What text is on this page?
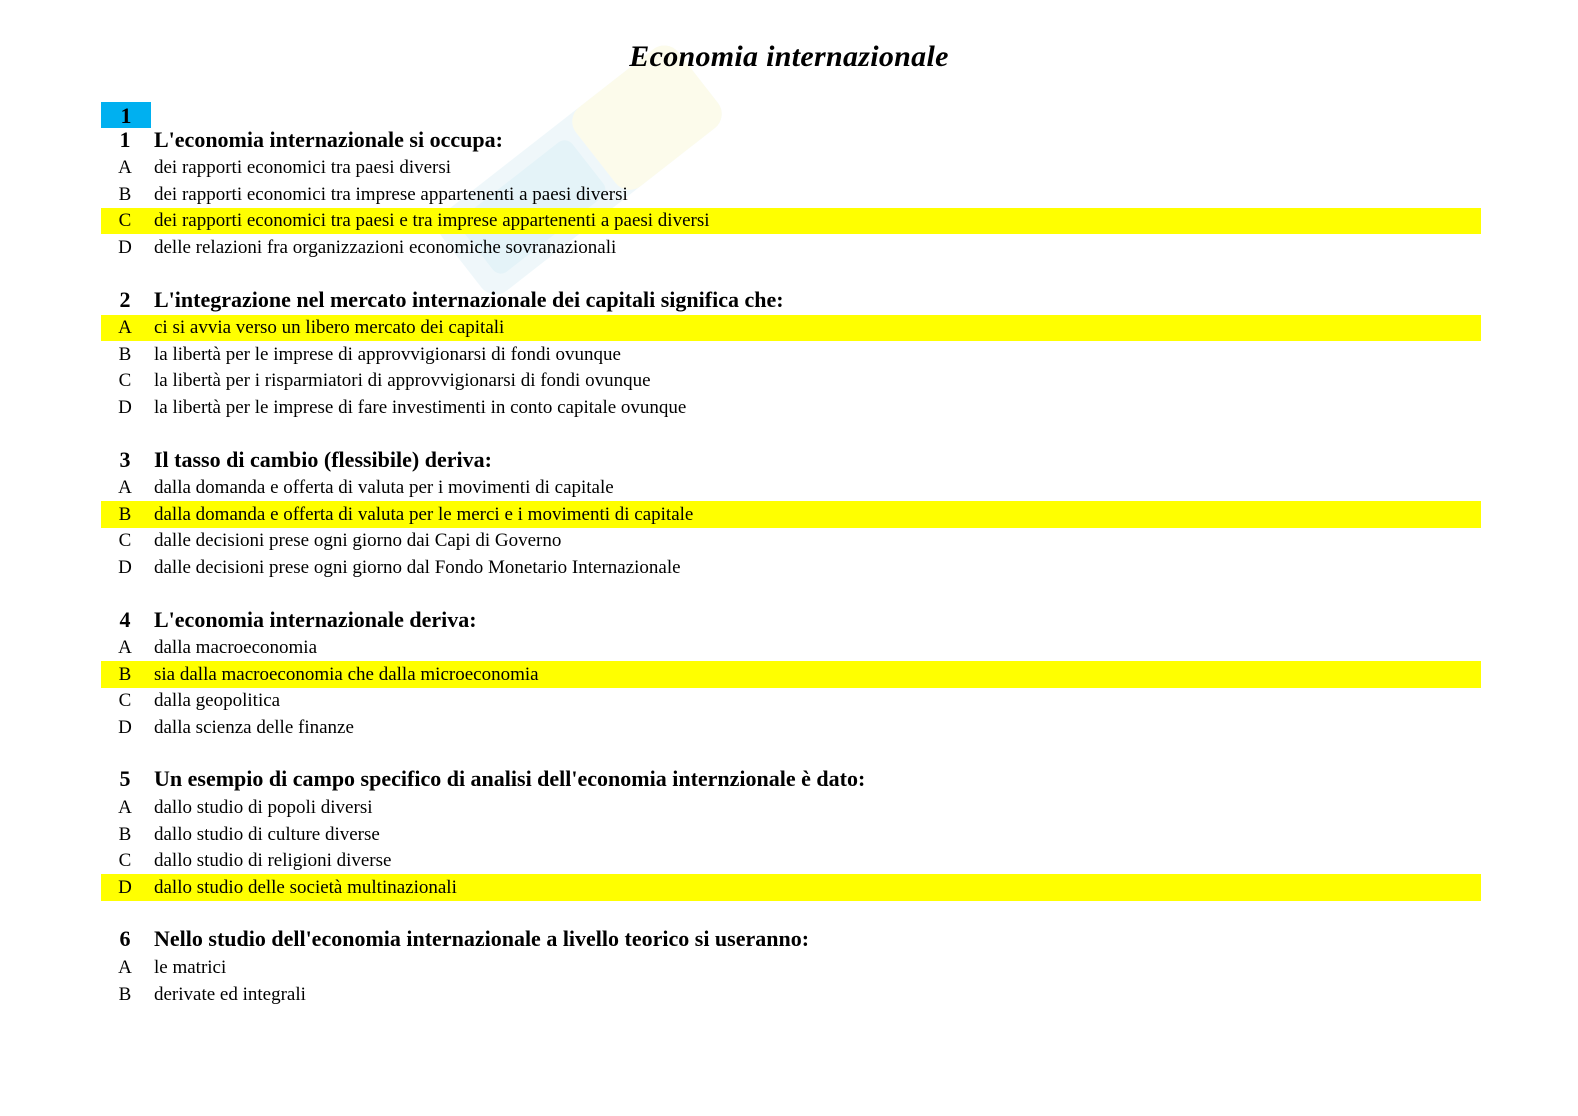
Economia internazionale
1
1	L'economia internazionale si occupa:
A	dei rapporti economici tra paesi diversi
B	dei rapporti economici tra imprese appartenenti a paesi diversi
C	dei rapporti economici tra paesi e tra imprese appartenenti a paesi diversi
D	delle relazioni fra organizzazioni economiche sovranazionali
2	L'integrazione nel mercato internazionale dei capitali significa che:
A	ci si avvia verso un libero mercato dei capitali
B	la libertà per le imprese di approvvigionarsi di fondi ovunque
C	la libertà per i risparmiatori di approvvigionarsi di fondi ovunque
D	la libertà per le imprese di fare investimenti in conto capitale ovunque
3	Il tasso di cambio (flessibile) deriva:
A	dalla domanda e offerta di valuta per i movimenti di capitale
B	dalla domanda e offerta di valuta per le merci e i movimenti di capitale
C	dalle decisioni prese ogni giorno dai Capi di Governo
D	dalle decisioni prese ogni giorno dal Fondo Monetario Internazionale
4	L'economia internazionale deriva:
A	dalla macroeconomia
B	sia dalla macroeconomia che dalla microeconomia
C	dalla geopolitica
D	dalla scienza delle finanze
5	Un esempio di campo specifico di analisi dell'economia internzionale è dato:
A	dallo studio di popoli diversi
B	dallo studio di culture diverse
C	dallo studio di religioni diverse
D	dallo studio delle società multinazionali
6	Nello studio dell'economia internazionale a livello teorico si useranno:
A	le matrici
B	derivate ed integrali
